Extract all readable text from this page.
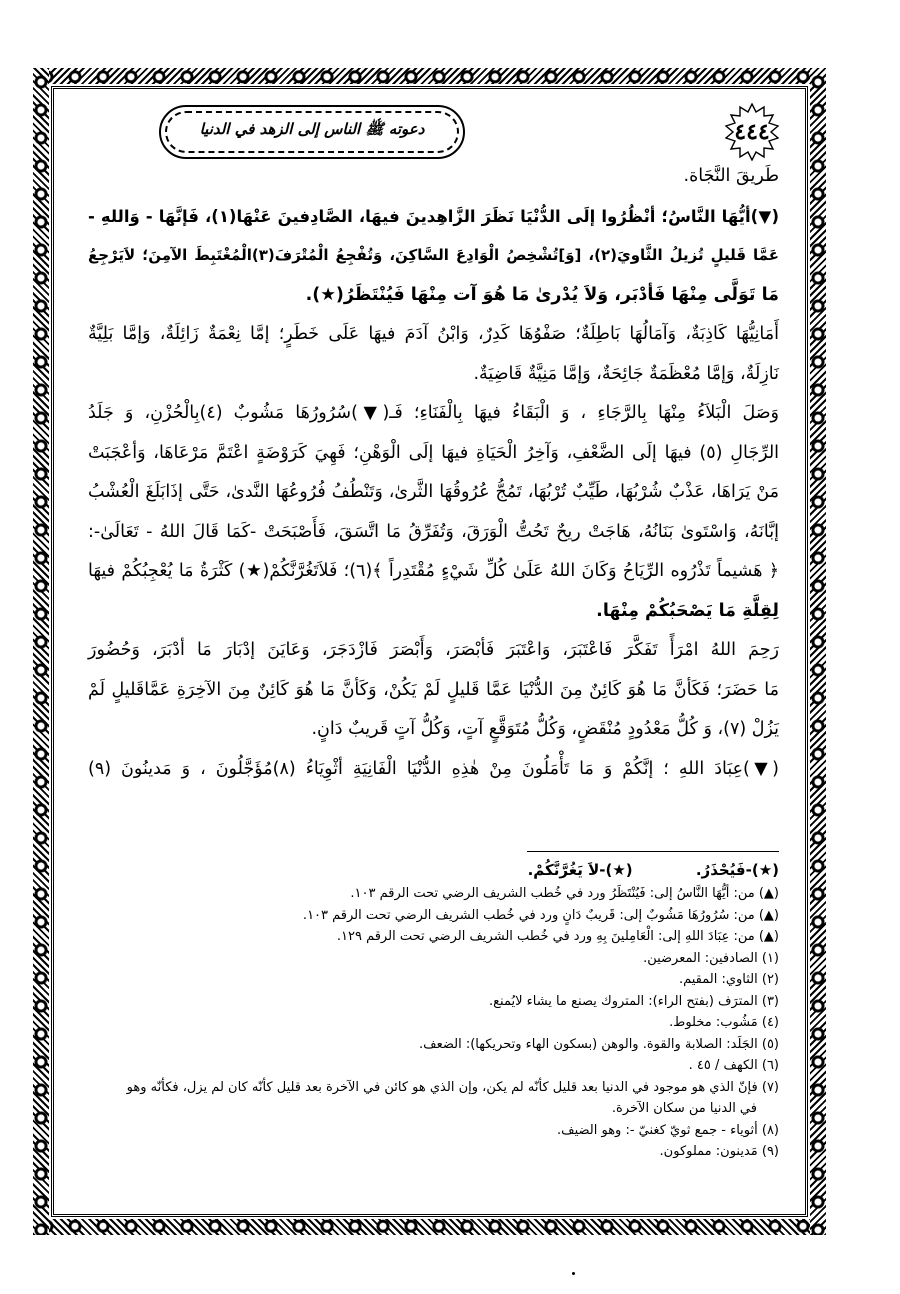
٤٤٤
دعوته ﷺ الناس إلى الزهد في الدنيا
طَريقَ النَّجَاة.
(▼)أيُّهَا النَّاسُ؛ أنْظُرُوا إلَى الدُّنْيَا نَظَرَ الزَّاهِدينَ فيهَا، الصَّادِفينَ عَنْهَا(١)، فَإنَّهَا - وَاللهِ -
عَمَّا قَليلٍ تُزيلُ الثَّاويَ(٢)، [وَ]تُشْخِصُ الْوَادِعَ السَّاكِنَ، وَتُفْجِعُ الْمُتْرَفَ(٣)الْمُغْتَبِطَ الآمِنَ؛ لاَيَرْجِعُ
مَا تَوَلَّى مِنْهَا فَأدْبَر، وَلاَ يُدْرىٰ مَا هُوَ آت مِنْهَا فَيُنْتَظَرُ(★).
أَمَانِيُّهَا كَاذِبَةٌ، وَآمَالُهَا بَاطِلَةٌ؛ صَفْوُهَا كَدِرٌ، وَابْنُ آدَمَ فيهَا عَلَى خَطَرٍ؛ إمَّا نِعْمَةٌ زَائِلَةٌ، وَإمَّا بَلِيَّةٌ
نَازِلَةٌ، وَإمَّا مُعْظَمَةٌ جَائِحَةٌ، وَإمَّا مَنِيَّةٌ قَاضِيَةٌ.
وَصَلَ الْبَلاَءُ مِنْهَا بِالرَّجَاءِ ، وَ الْبَقَاءُ فيهَا بِالْفَنَاءِ؛ فَـ(▼)سُرُورُهَا مَشُوبٌ (٤)بِالْحُزْنِ، وَ جَلَدُ
الرِّجَالِ (٥) فيهَا إلَى الضَّعْفِ، وَآخِرُ الْحَيَاةِ فيهَا إلَى الْوَهْنِ؛ فَهِيَ كَرَوْضَةٍ اعْتَمَّ مَرْعَاهَا، وَأعْجَبَتْ
مَنْ يَرَاهَا، عَذْبٌ شُرْبُهَا، طَيِّبٌ تُرْبُهَا، تَمُجُّ عُرُوقُهَا الثَّرىٰ، وَتَنْطُفُ فُرُوعُهَا النَّدىٰ، حَتَّى إذَابَلَغَ الْعُشْبُ
إبَّانَهُ، وَاسْتَوىٰ بَنَانُهُ، هَاجَتْ ريحٌ تَحُتُّ الْوَرَقَ، وَتُفَرِّقُ مَا اتَّسَقَ، فَأَصْبَحَتْ -كَمَا قَالَ اللهُ - تَعَالَىٰ-:
﴿ هَشيماً تَذْرُوه الرِّيَاحُ وَكَانَ اللهُ عَلَىٰ كُلِّ شَيْءٍ مُقْتَدِراً ﴾(٦)؛ فَلاَتَغُرَّنَّكُمْ(★) كَثْرَةُ مَا يُعْجِبُكُمْ فيهَا
لِقِلَّةِ مَا يَصْحَبُكُمْ مِنْهَا.
رَحِمَ اللهُ امْرَأً تَفَكَّرَ فَاعْتَبَرَ، وَاعْتَبَرَ فَأبْصَرَ، وَأَبْصَرَ فَازْدَجَرَ، وَعَايَنَ إدْبَارَ مَا أدْبَرَ، وَحُضُورَ
مَا حَضَرَ؛ فَكَأنَّ مَا هُوَ كَائِنٌ مِنَ الدُّنْيَا عَمَّا قَليلٍ لَمْ يَكُنْ، وَكَأنَّ مَا هُوَ كَائِنٌ مِنَ الآخِرَةِ عَمَّاقَليلٍ لَمْ
يَزُلْ (٧)، وَ كُلُّ مَعْدُودٍ مُنْقَضٍ، وَكُلُّ مُتَوَقَّعٍ آتٍ، وَكُلُّ آتٍ قَريبٌ دَانٍ.
(▼)عِبَادَ اللهِ ؛ إنَّكُمْ وَ مَا تَأْمَلُونَ مِنْ هٰذِهِ الدُّنْيَا الْفَانِيَةِ أثْوِيَاءُ (٨)مُؤَجَّلُونَ ، وَ مَدينُونَ (٩)
(★)-فَيُحْذَرُ. (★)-لاَ يَغُرَّنَّكُمْ.
(▲) من: أيُّهَا النَّاسُ إلى: فَيُنْتَظَرُ ورد في خُطب الشريف الرضي تحت الرقم ١٠٣.
(▲) من: سُرُورُهَا مَشُوبٌ إلى: قَريبٌ دَانٍ ورد في خُطب الشريف الرضي تحت الرقم ١٠٣.
(▲) من: عِبَادَ اللهِ إلى: الْعَامِلينَ بِهِ ورد في خُطب الشريف الرضي تحت الرقم ١٢٩.
(١) الصادفين: المعرضين.
(٢) الثاوي: المقيم.
(٣) المترَف (بفتح الراء): المتروك يصنع ما يشاء لايُمنع.
(٤) مَشُوب: مخلوط.
(٥) الجَلَد: الصلابة والقوة. والوهن (بسكون الهاء وتحريكها): الضعف.
(٦) الكهف / ٤٥ .
(٧) فإنّ الذي هو موجود في الدنيا بعد قليل كأنّه لم يكن، وإن الذي هو كائن في الآخرة بعد قليل كأنّه كان لم يزل، فكأنّه وهو في الدنيا من سكان الآخرة.
(٨) أثوياء - جمع ثويّ كغنيّ -: وهو الضيف.
(٩) مَدينون: مملوكون.
